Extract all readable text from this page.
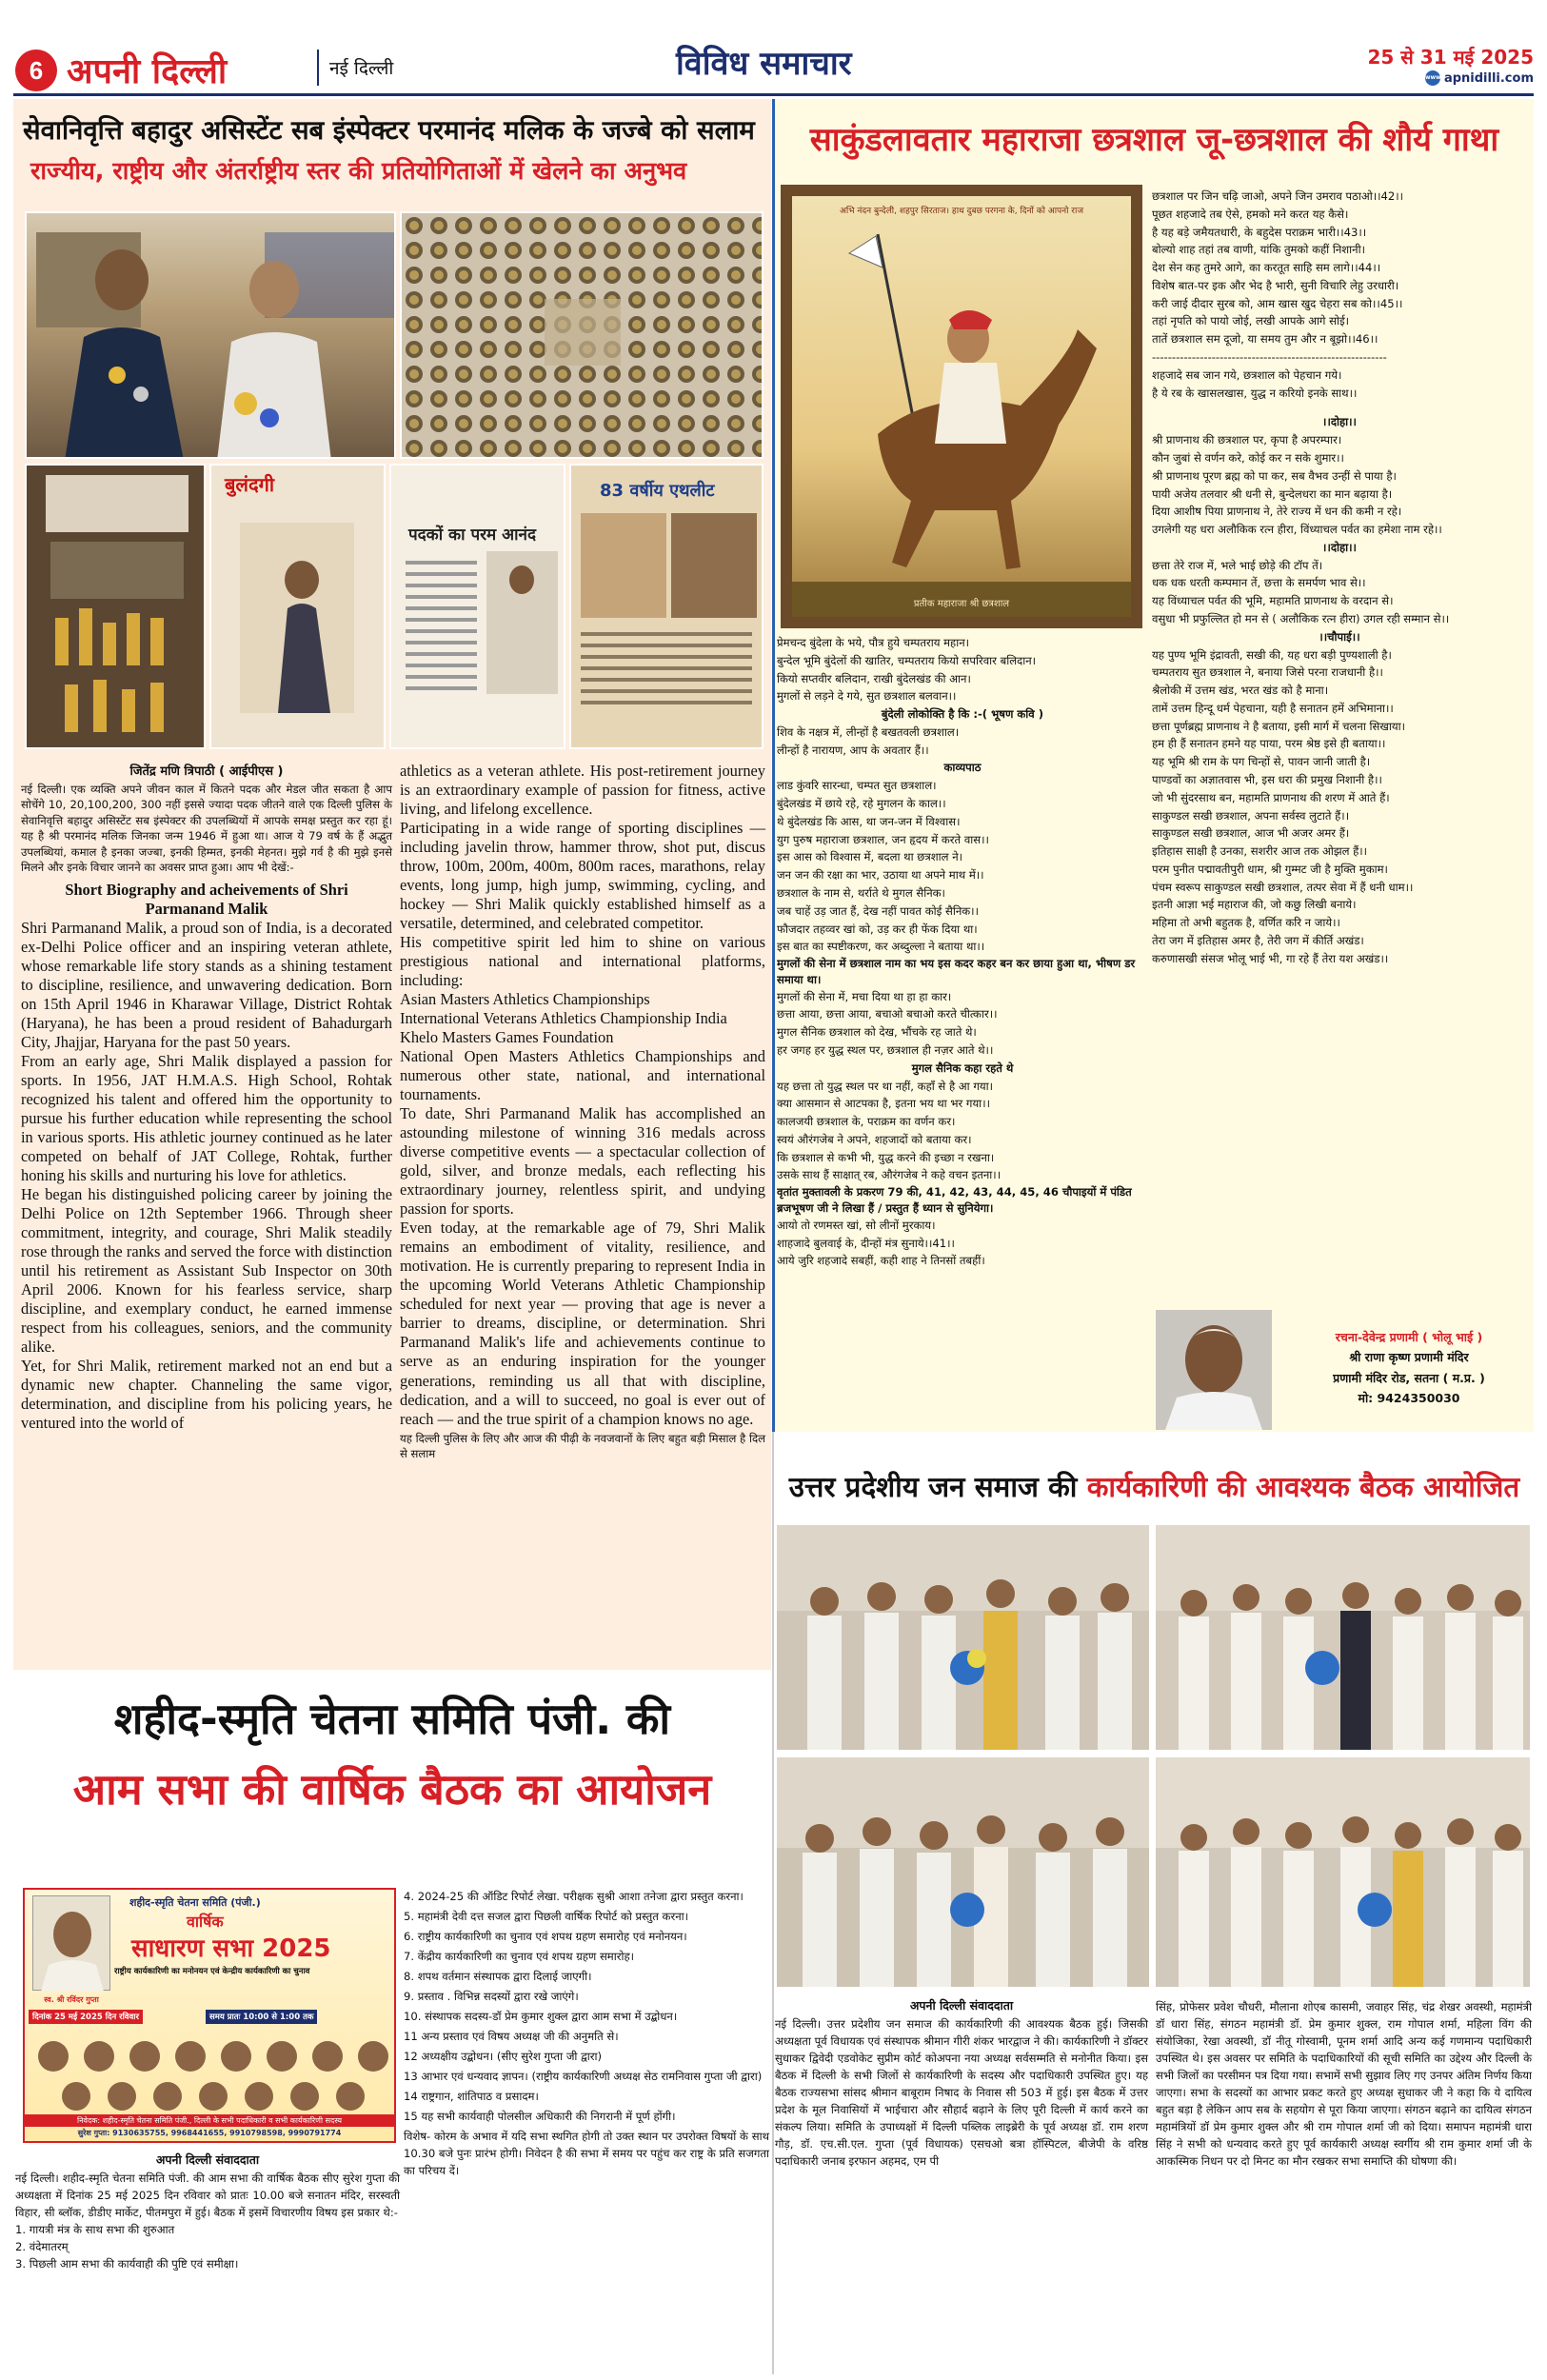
6 अपनी दिल्ली	नई दिल्ली	विविध समाचार	25 से 31 मई 2025
www apnidilli.com
सेवानिवृत्ति बहादुर असिस्टेंट सब इंस्पेक्टर परमानंद मलिक के जज्बे को सलाम
राज्यीय, राष्ट्रीय और अंतर्राष्ट्रीय स्तर की प्रतियोगिताओं में खेलने का अनुभव
बुलंदगी
पदकों का परम आनंद
83 वर्षीय एथलीट
जितेंद्र मणि त्रिपाठी ( आईपीएस )
नई दिल्ली। एक व्यक्ति अपने जीवन काल में कितने पदक और मेडल जीत सकता है आप सोचेंगे 10, 20,100,200, 300 नहीं इससे ज्यादा पदक जीतने वाले एक दिल्ली पुलिस के सेवानिवृत्ति बहादुर असिस्टेंट सब इंस्पेक्टर की उपलब्धियों में आपके समक्ष प्रस्तुत कर रहा हूं। यह है श्री परमानंद मलिक जिनका जन्म 1946 में हुआ था। आज ये 79 वर्ष के हैं अद्भुत उपलब्धियां, कमाल है इनका जज्बा, इनकी हिम्मत, इनकी मेहनत। मुझे गर्व है की मुझे इनसे मिलने और इनके विचार जानने का अवसर प्राप्त हुआ। आप भी देखें:-
Short Biography and acheivements of Shri Parmanand Malik
Shri Parmanand Malik, a proud son of India, is a decorated ex-Delhi Police officer and an inspiring veteran athlete, whose remarkable life story stands as a shining testament to discipline, resilience, and unwavering dedication. Born on 15th April 1946 in Kharawar Village, District Rohtak (Haryana), he has been a proud resident of Bahadurgarh City, Jhajjar, Haryana for the past 50 years.
From an early age, Shri Malik displayed a passion for sports. In 1956, JAT H.M.A.S. High School, Rohtak recognized his talent and offered him the opportunity to pursue his further education while representing the school in various sports. His athletic journey continued as he later competed on behalf of JAT College, Rohtak, further honing his skills and nurturing his love for athletics.
He began his distinguished policing career by joining the Delhi Police on 12th September 1966. Through sheer commitment, integrity, and courage, Shri Malik steadily rose through the ranks and served the force with distinction until his retirement as Assistant Sub Inspector on 30th April 2006. Known for his fearless service, sharp discipline, and exemplary conduct, he earned immense respect from his colleagues, seniors, and the community alike.
Yet, for Shri Malik, retirement marked not an end but a dynamic new chapter. Channeling the same vigor, determination, and discipline from his policing years, he ventured into the world of
athletics as a veteran athlete. His post-retirement journey is an extraordinary example of passion for fitness, active living, and lifelong excellence.
Participating in a wide range of sporting disciplines — including javelin throw, hammer throw, shot put, discus throw, 100m, 200m, 400m, 800m races, marathons, relay events, long jump, high jump, swimming, cycling, and hockey — Shri Malik quickly established himself as a versatile, determined, and celebrated competitor.
His competitive spirit led him to shine on various prestigious national and international platforms, including:
Asian Masters Athletics Championships
International Veterans Athletics Championship India
Khelo Masters Games Foundation
National Open Masters Athletics Championships and numerous other state, national, and international tournaments.
To date, Shri Parmanand Malik has accomplished an astounding milestone of winning 316 medals across diverse competitive events — a spectacular collection of gold, silver, and bronze medals, each reflecting his extraordinary journey, relentless spirit, and undying passion for sports.
Even today, at the remarkable age of 79, Shri Malik remains an embodiment of vitality, resilience, and motivation. He is currently preparing to represent India in the upcoming World Veterans Athletic Championship scheduled for next year — proving that age is never a barrier to dreams, discipline, or determination. Shri Parmanand Malik's life and achievements continue to serve as an enduring inspiration for the younger generations, reminding us all that with discipline, dedication, and a will to succeed, no goal is ever out of reach — and the true spirit of a champion knows no age.
यह दिल्ली पुलिस के लिए और आज की पीढ़ी के नवजवानों के लिए बहुत बड़ी मिसाल है दिल से सलाम
साकुंडलावतार महाराजा छत्रशाल जू-छत्रशाल की शौर्य गाथा
अभि नंदन बुन्देली, शहपुर सिरताज। हाथ दुबछ परगना के, दिनों को आपनो राज
प्रतीक महाराजा श्री छत्रशाल

प्रेमचन्द बुंदेला के भये, पौत्र हुये चम्पतराय महान।

बुन्देल भूमि बुंदेलों की खातिर, चम्पतराय कियो सपरिवार बलिदान।

कियो सप्तवीर बलिदान, राखी बुंदेलखंड की आन।

मुगलों से लड़ने दे गये, सुत छत्रशाल बलवान।।

बुंदेली लोकोक्ति है कि :-( भूषण कवि )

शिव के नक्षत्र में, लीन्हों है बखतवली छत्रशाल।

लीन्हों है नारायण, आप के अवतार हैं।।

काव्यपाठ

लाड कुंवरि सारन्धा, चम्पत सुत छत्रशाल।

बुंदेलखंड में छाये रहे, रहे मुगलन के काल।।

थे बुंदेलखंड कि आस, था जन-जन में विश्वास।

युग पुरुष महाराजा छत्रशाल, जन हृदय में करते वास।।

इस आस को विश्वास में, बदला था छत्रशाल ने।

जन जन की रक्षा का भार, उठाया था अपने माथ में।।

छत्रशाल के नाम से, थर्राते थे मुगल सैनिक।

जब चाहें उड़ जात हैं, देख नहीं पावत कोई सैनिक।।

फौजदार तहव्वर खां को, उड़ कर ही फेंक दिया था।

इस बात का स्पष्टीकरण, कर अब्दुल्ला ने बताया था।।

मुगलों की सेना में छत्रशाल नाम का भय इस कदर कहर बन कर छाया हुआ था, भीषण डर समाया था।

मुगलों की सेना में, मचा दिया था हा हा कार।

छत्ता आया, छत्ता आया, बचाओ बचाओ करते चीत्कार।।

मुगल सैनिक छत्रशाल को देख, भौंचके रह जाते थे।

हर जगह हर युद्ध स्थल पर, छत्रशाल ही नज़र आते थे।।

मुगल सैनिक कहा रहते थे

यह छत्ता तो युद्ध स्थल पर था नहीं, कहाँ से है आ गया।

क्या आसमान से आटपका है, इतना भय था भर गया।।

कालजयी छत्रशाल के, पराक्रम का वर्णन कर।

स्वयं औरंगजेब ने अपने, शहजादों को बताया कर।

कि छत्रशाल से कभी भी, युद्ध करने की इच्छा न रखना।

उसके साथ हैं साक्षात् रब, औरंगजेब ने कहे वचन इतना।।

वृतांत मुक्तावली के प्रकरण 79 की, 41, 42, 43, 44, 45, 46 चौपाइयों में पंडित ब्रजभूषण जी ने लिखा हैं / प्रस्तुत हैं ध्यान से सुनियेगा।

आयो तो रणमस्त खां, सो लीनों मुरकाय।

शाहजादे बुलवाई के, दीन्हों मंत्र सुनाये।।41।।

आये जुरि शहजादे सबहीं, कही शाह ने तिनसों तबहीं।

छत्रशाल पर जिन चढ़ि जाओ, अपने जिन उमराव पठाओ।।42।।

पूछत शहजादे तब ऐसे, हमको मने करत यह कैसे।

है यह बड़े जमैयतधारी, के बहुदेस पराक्रम भारी।।43।।

बोल्यो शाह तहां तब वाणी, यांकि तुमको कहीं निशानी।

देश सेन कह तुमरे आगे, का करतूत साहि सम लागे।।44।।

विशेष बात-पर इक और भेद है भारी, सुनी विचारि लेहु उरधारी।

करी जाई दीदार सुरब को, आम खास खुद चेहरा सब को।।45।।

तहां नृपति को पायो जोई, लखी आपके आगे सोई।

तातें छत्रशाल सम दूजो, या समय तुम और न बूझो।।46।।

-----------------------------------------------------------

शहजादे सब जान गये, छत्रशाल को पेहचान गये।

है ये रब के खासलखास, युद्ध न करियो इनके साथ।।

।।दोहा।।

श्री प्राणनाथ की छत्रशाल पर, कृपा है अपरम्पार।

कौन जुबां से वर्णन करे, कोई कर न सके शुमार।।

श्री प्राणनाथ पूरण ब्रह्म को पा कर, सब वैभव उन्हीं से पाया है।

पायी अजेय तलवार श्री धनी से, बुन्देलधरा का मान बढ़ाया है।

दिया आशीष पिया प्राणनाथ ने, तेरे राज्य में धन की कमी न रहे।

उगलेगी यह धरा अलौकिक रत्न हीरा, विंध्याचल पर्वत का हमेशा नाम रहे।।

।।दोहा।।

छत्ता तेरे राज में, भले भाई छोड़े की टॉप तें।

धक धक धरती कम्पमान तें, छत्ता के समर्पण भाव से।।

यह विंध्याचल पर्वत की भूमि, महामति प्राणनाथ के वरदान से।

वसुधा भी प्रफुल्लित हो मन से ( अलौकिक रत्न हीरा) उगल रही सम्मान से।।

।।चौपाई।।

यह पुण्य भूमि इंद्रावती, सखी की, यह धरा बड़ी पुण्यशाली है।

चम्पतराय सुत छत्रशाल ने, बनाया जिसे परना राजधानी है।।

श्रैलोकी में उत्तम खंड, भरत खंड को है माना।

तामें उत्तम हिन्दू धर्म पेहचाना, यही है सनातन हमें अभिमाना।।

छत्ता पूर्णब्रह्म प्राणनाथ ने है बताया, इसी मार्ग में चलना सिखाया।

हम ही हैं सनातन हमने यह पाया, परम श्रेष्ठ इसे ही बताया।।

यह भूमि श्री राम के पग चिन्हों से, पावन जानी जाती है।

पाण्डवों का अज्ञातवास भी, इस धरा की प्रमुख निशानी है।।

जो भी सुंदरसाथ बन, महामति प्राणनाथ की शरण में आते हैं।

साकुण्डल सखी छत्रशाल, अपना सर्वस्व लुटाते हैं।।

साकुण्डल सखी छत्रशाल, आज भी अजर अमर हैं।

इतिहास साक्षी है उनका, सशरीर आज तक ओझल हैं।।

परम पुनीत पद्मावतीपुरी धाम, श्री गुम्मट जी है मुक्ति मुकाम।

पंचम स्वरूप साकुण्डल सखी छत्रशाल, तत्पर सेवा में हैं धनी धाम।।

इतनी आज्ञा भई महाराज की, जो कछु लिखी बनाये।

महिमा तो अभी बहुतक है, वर्णित करि न जाये।।

तेरा जग में इतिहास अमर है, तेरी जग में कीर्ति अखंड।

करुणासखी संसज भोलू भाई भी, गा रहे हैं तेरा यश अखंड।।

रचना-देवेन्द्र प्रणामी ( भोलू भाई )
श्री राणा कृष्ण प्रणामी मंदिर
प्रणामी मंदिर रोड, सतना ( म.प्र. )
मो: 9424350030
उत्तर प्रदेशीय जन समाज की कार्यकारिणी की आवश्यक बैठक आयोजित
अपनी दिल्ली संवाददाता
नई दिल्ली। उत्तर प्रदेशीय जन समाज की कार्यकारिणी की आवश्यक बैठक हुई। जिसकी अध्यक्षता पूर्व विधायक एवं संस्थापक श्रीमान गीरी शंकर भारद्वाज ने की। कार्यकारिणी ने डॉक्टर सुधाकर द्विवेदी एडवोकेट सुप्रीम कोर्ट कोअपना नया अध्यक्ष सर्वसम्मति से मनोनीत किया। इस बैठक में दिल्ली के सभी जिलों से कार्यकारिणी के सदस्य और पदाधिकारी उपस्थित हुए। यह बैठक राज्यसभा सांसद श्रीमान बाबूराम निषाद के निवास सी 503 में हुई। इस बैठक में उत्तर प्रदेश के मूल निवासियों में भाईचारा और सौहार्द बढ़ाने के लिए पूरी दिल्ली में कार्य करने का संकल्प लिया। समिति के उपाध्यक्षों में दिल्ली पब्लिक लाइब्रेरी के पूर्व अध्यक्ष डॉ. राम शरण गौड़, डॉ. एच.सी.एल. गुप्ता (पूर्व विधायक) एसचओ बत्रा हॉस्पिटल, बीजेपी के वरिष्ठ पदाधिकारी जनाब इरफान अहमद, एम पी
सिंह, प्रोफेसर प्रवेश चौधरी, मौलाना शोएब कासमी, जवाहर सिंह, चंद्र शेखर अवस्थी, महामंत्री डॉ धारा सिंह, संगठन महामंत्री डॉ. प्रेम कुमार शुक्ल, राम गोपाल शर्मा, महिला विंग की संयोजिका, रेखा अवस्थी, डॉ नीतू गोस्वामी, पूनम शर्मा आदि अन्य कई गणमान्य पदाधिकारी उपस्थित थे। इस अवसर पर समिति के पदाधिकारियों की सूची समिति का उद्देश्य और दिल्ली के सभी जिलों का परसीमन पत्र दिया गया। सभामें सभी सुझाव लिए गए उनपर अंतिम निर्णय किया जाएगा। सभा के सदस्यों का आभार प्रकट करते हुए अध्यक्ष सुधाकर जी ने कहा कि ये दायित्व बहुत बड़ा है लेकिन आप सब के सहयोग से पूरा किया जाएगा। संगठन बढ़ाने का दायित्व संगठन महामंत्रियों डॉ प्रेम कुमार शुक्ल और श्री राम गोपाल शर्मा जी को दिया। समापन महामंत्री धारा सिंह ने सभी को धन्यवाद करते हुए पूर्व कार्यकारी अध्यक्ष स्वर्गीय श्री राम कुमार शर्मा जी के आकस्मिक निधन पर दो मिनट का मौन रखकर सभा समाप्ति की घोषणा की।
शहीद-स्मृति चेतना समिति पंजी. की
आम सभा की वार्षिक बैठक का आयोजन
शहीद-स्मृति चेतना समिति (पंजी.)
वार्षिक
साधारण सभा 2025
राष्ट्रीय कार्यकारिणी का मनोनयन एवं केन्द्रीय कार्यकारिणी का चुनाव
स्व. श्री रविंदर गुप्ता
दिनांक 25 मई 2025 दिन रविवार	समय प्रातः 10:00 से 1:00 तक
निवेदक: शहीद-स्मृति चेतना समिति पंजी., दिल्ली के सभी पदाधिकारी व सभी कार्यकारिणी सदस्य
सुरेश गुप्ता: 9130635755, 9968441655, 9910798598, 9990791774
अपनी दिल्ली संवाददाता
नई दिल्ली। शहीद-स्मृति चेतना समिति पंजी. की आम सभा की वार्षिक बैठक सीए सुरेश गुप्ता की अध्यक्षता में दिनांक 25 मई 2025 दिन रविवार को प्रातः 10.00 बजे सनातन मंदिर, सरस्वती विहार, सी ब्लॉक, डीडीए मार्केट, पीतमपुरा में हुई। बैठक में इसमें विचारणीय विषय इस प्रकार थे:-
1. गायत्री मंत्र के साथ सभा की शुरुआत
2. वंदेमातरम्
3. पिछली आम सभा की कार्यवाही की पुष्टि एवं समीक्षा।
4. 2024-25 की ऑडिट रिपोर्ट लेखा. परीक्षक सुश्री आशा तनेजा द्वारा प्रस्तुत करना।
5. महामंत्री देवी दत्त सजल द्वारा पिछली वार्षिक रिपोर्ट को प्रस्तुत करना।
6. राष्ट्रीय कार्यकारिणी का चुनाव एवं शपथ ग्रहण समारोह एवं मनोनयन।
7. केंद्रीय कार्यकारिणी का चुनाव एवं शपथ ग्रहण समारोह।
8. शपथ वर्तमान संस्थापक द्वारा दिलाई जाएगी।
9. प्रस्ताव . विभिन्न सदस्यों द्वारा रखे जाएंगे।
10. संस्थापक सदस्य-डॉ प्रेम कुमार शुक्ल द्वारा आम सभा में उद्बोधन।
11 अन्य प्रस्ताव एवं विषय अध्यक्ष जी की अनुमति से।
12 अध्यक्षीय उद्बोधन। (सीए सुरेश गुप्ता जी द्वारा)
13 आभार एवं धन्यवाद ज्ञापन। (राष्ट्रीय कार्यकारिणी अध्यक्ष सेठ रामनिवास गुप्ता जी द्वारा)
14 राष्ट्रगान, शांतिपाठ व प्रसादम।
15 यह सभी कार्यवाही पोलसील अधिकारी की निगरानी में पूर्ण होंगी।
विशेष- कोरम के अभाव में यदि सभा स्थगित होगी तो उक्त स्थान पर उपरोक्त विषयों के साथ 10.30 बजे पुनः प्रारंभ होगी। निवेदन है की सभा में समय पर पहुंच कर राष्ट्र के प्रति सजगता का परिचय दें।
